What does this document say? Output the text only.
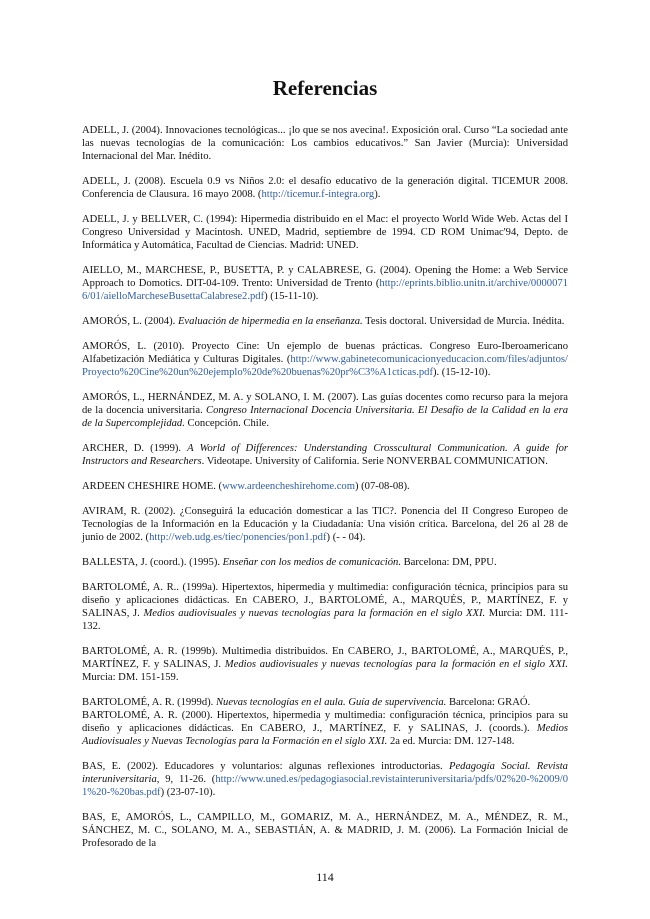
Referencias

ADELL, J. (2004). Innovaciones tecnológicas... ¡lo que se nos avecina!. Exposición oral. Curso “La sociedad ante las nuevas tecnologías de la comunicación: Los cambios educativos.” San Javier (Murcia): Universidad Internacional del Mar. Inédito.

ADELL, J. (2008). Escuela 0.9 vs Niños 2.0: el desafío educativo de la generación digital. TICEMUR 2008. Conferencia de Clausura. 16 mayo 2008. (http://ticemur.f-integra.org).

ADELL, J. y BELLVER, C. (1994): Hipermedia distribuido en el Mac: el proyecto World Wide Web. Actas del I Congreso Universidad y Macintosh. UNED, Madrid, septiembre de 1994. CD ROM Unimac'94, Depto. de Informática y Automática, Facultad de Ciencias. Madrid: UNED.

AIELLO, M., MARCHESE, P., BUSETTA, P. y CALABRESE, G. (2004). Opening the Home: a Web Service Approach to Domotics. DIT-04-109. Trento: Universidad de Trento (http://eprints.biblio.unitn.it/archive/00000716/01/aielloMarcheseBusettaCalabrese2.pdf) (15-11-10).

AMORÓS, L. (2004). Evaluación de hipermedia en la enseñanza. Tesis doctoral. Universidad de Murcia. Inédita.

AMORÓS, L. (2010). Proyecto Cine: Un ejemplo de buenas prácticas. Congreso Euro-Iberoamericano Alfabetización Mediática y Culturas Digitales. (http://www.gabinetecomunicacionyeducacion.com/files/adjuntos/Proyecto%20Cine%20un%20ejemplo%20de%20buenas%20pr%C3%A1cticas.pdf). (15-12-10).

AMORÓS, L., HERNÁNDEZ, M. A. y SOLANO, I. M. (2007). Las guías docentes como recurso para la mejora de la docencia universitaria. Congreso Internacional Docencia Universitaria. El Desafío de la Calidad en la era de la Supercomplejidad. Concepción. Chile.

ARCHER, D. (1999). A World of Differences: Understanding Crosscultural Communication. A guide for Instructors and Researchers. Videotape. University of California. Serie NONVERBAL COMMUNICATION.

ARDEEN CHESHIRE HOME. (www.ardeencheshirehome.com) (07-08-08).

AVIRAM, R. (2002). ¿Conseguirá la educación domesticar a las TIC?. Ponencia del II Congreso Europeo de Tecnologías de la Información en la Educación y la Ciudadanía: Una visión crítica. Barcelona, del 26 al 28 de junio de 2002. (http://web.udg.es/tiec/ponencies/pon1.pdf) (- - 04).

BALLESTA, J. (coord.). (1995). Enseñar con los medios de comunicación. Barcelona: DM, PPU.

BARTOLOMÉ, A. R.. (1999a). Hipertextos, hipermedia y multimedia: configuración técnica, principios para su diseño y aplicaciones didácticas. En CABERO, J., BARTOLOMÉ, A., MARQUÉS, P., MARTÍNEZ, F. y SALINAS, J. Medios audiovisuales y nuevas tecnologías para la formación en el siglo XXI. Murcia: DM. 111-132.

BARTOLOMÉ, A. R. (1999b). Multimedia distribuidos. En CABERO, J., BARTOLOMÉ, A., MARQUÉS, P., MARTÍNEZ, F. y SALINAS, J. Medios audiovisuales y nuevas tecnologías para la formación en el siglo XXI. Murcia: DM. 151-159.

BARTOLOMÉ, A. R. (1999d). Nuevas tecnologías en el aula. Guía de supervivencia. Barcelona: GRAÓ.

BARTOLOMÉ, A. R. (2000). Hipertextos, hipermedia y multimedia: configuración técnica, principios para su diseño y aplicaciones didácticas. En CABERO, J., MARTÍNEZ, F. y SALINAS, J. (coords.). Medios Audiovisuales y Nuevas Tecnologías para la Formación en el siglo XXI. 2a ed. Murcia: DM. 127-148.

BAS, E. (2002). Educadores y voluntarios: algunas reflexiones introductorias. Pedagogía Social. Revista interuniversitaria, 9, 11-26. (http://www.uned.es/pedagogiasocial.revistainteruniversitaria/pdfs/02%20-%2009/01%20-%20bas.pdf) (23-07-10).

BAS, E, AMORÓS, L., CAMPILLO, M., GOMARIZ, M. A., HERNÁNDEZ, M. A., MÉNDEZ, R. M., SÁNCHEZ, M. C., SOLANO, M. A., SEBASTIÁN, A. & MADRID, J. M. (2006). La Formación Inicial de Profesorado de la

114
